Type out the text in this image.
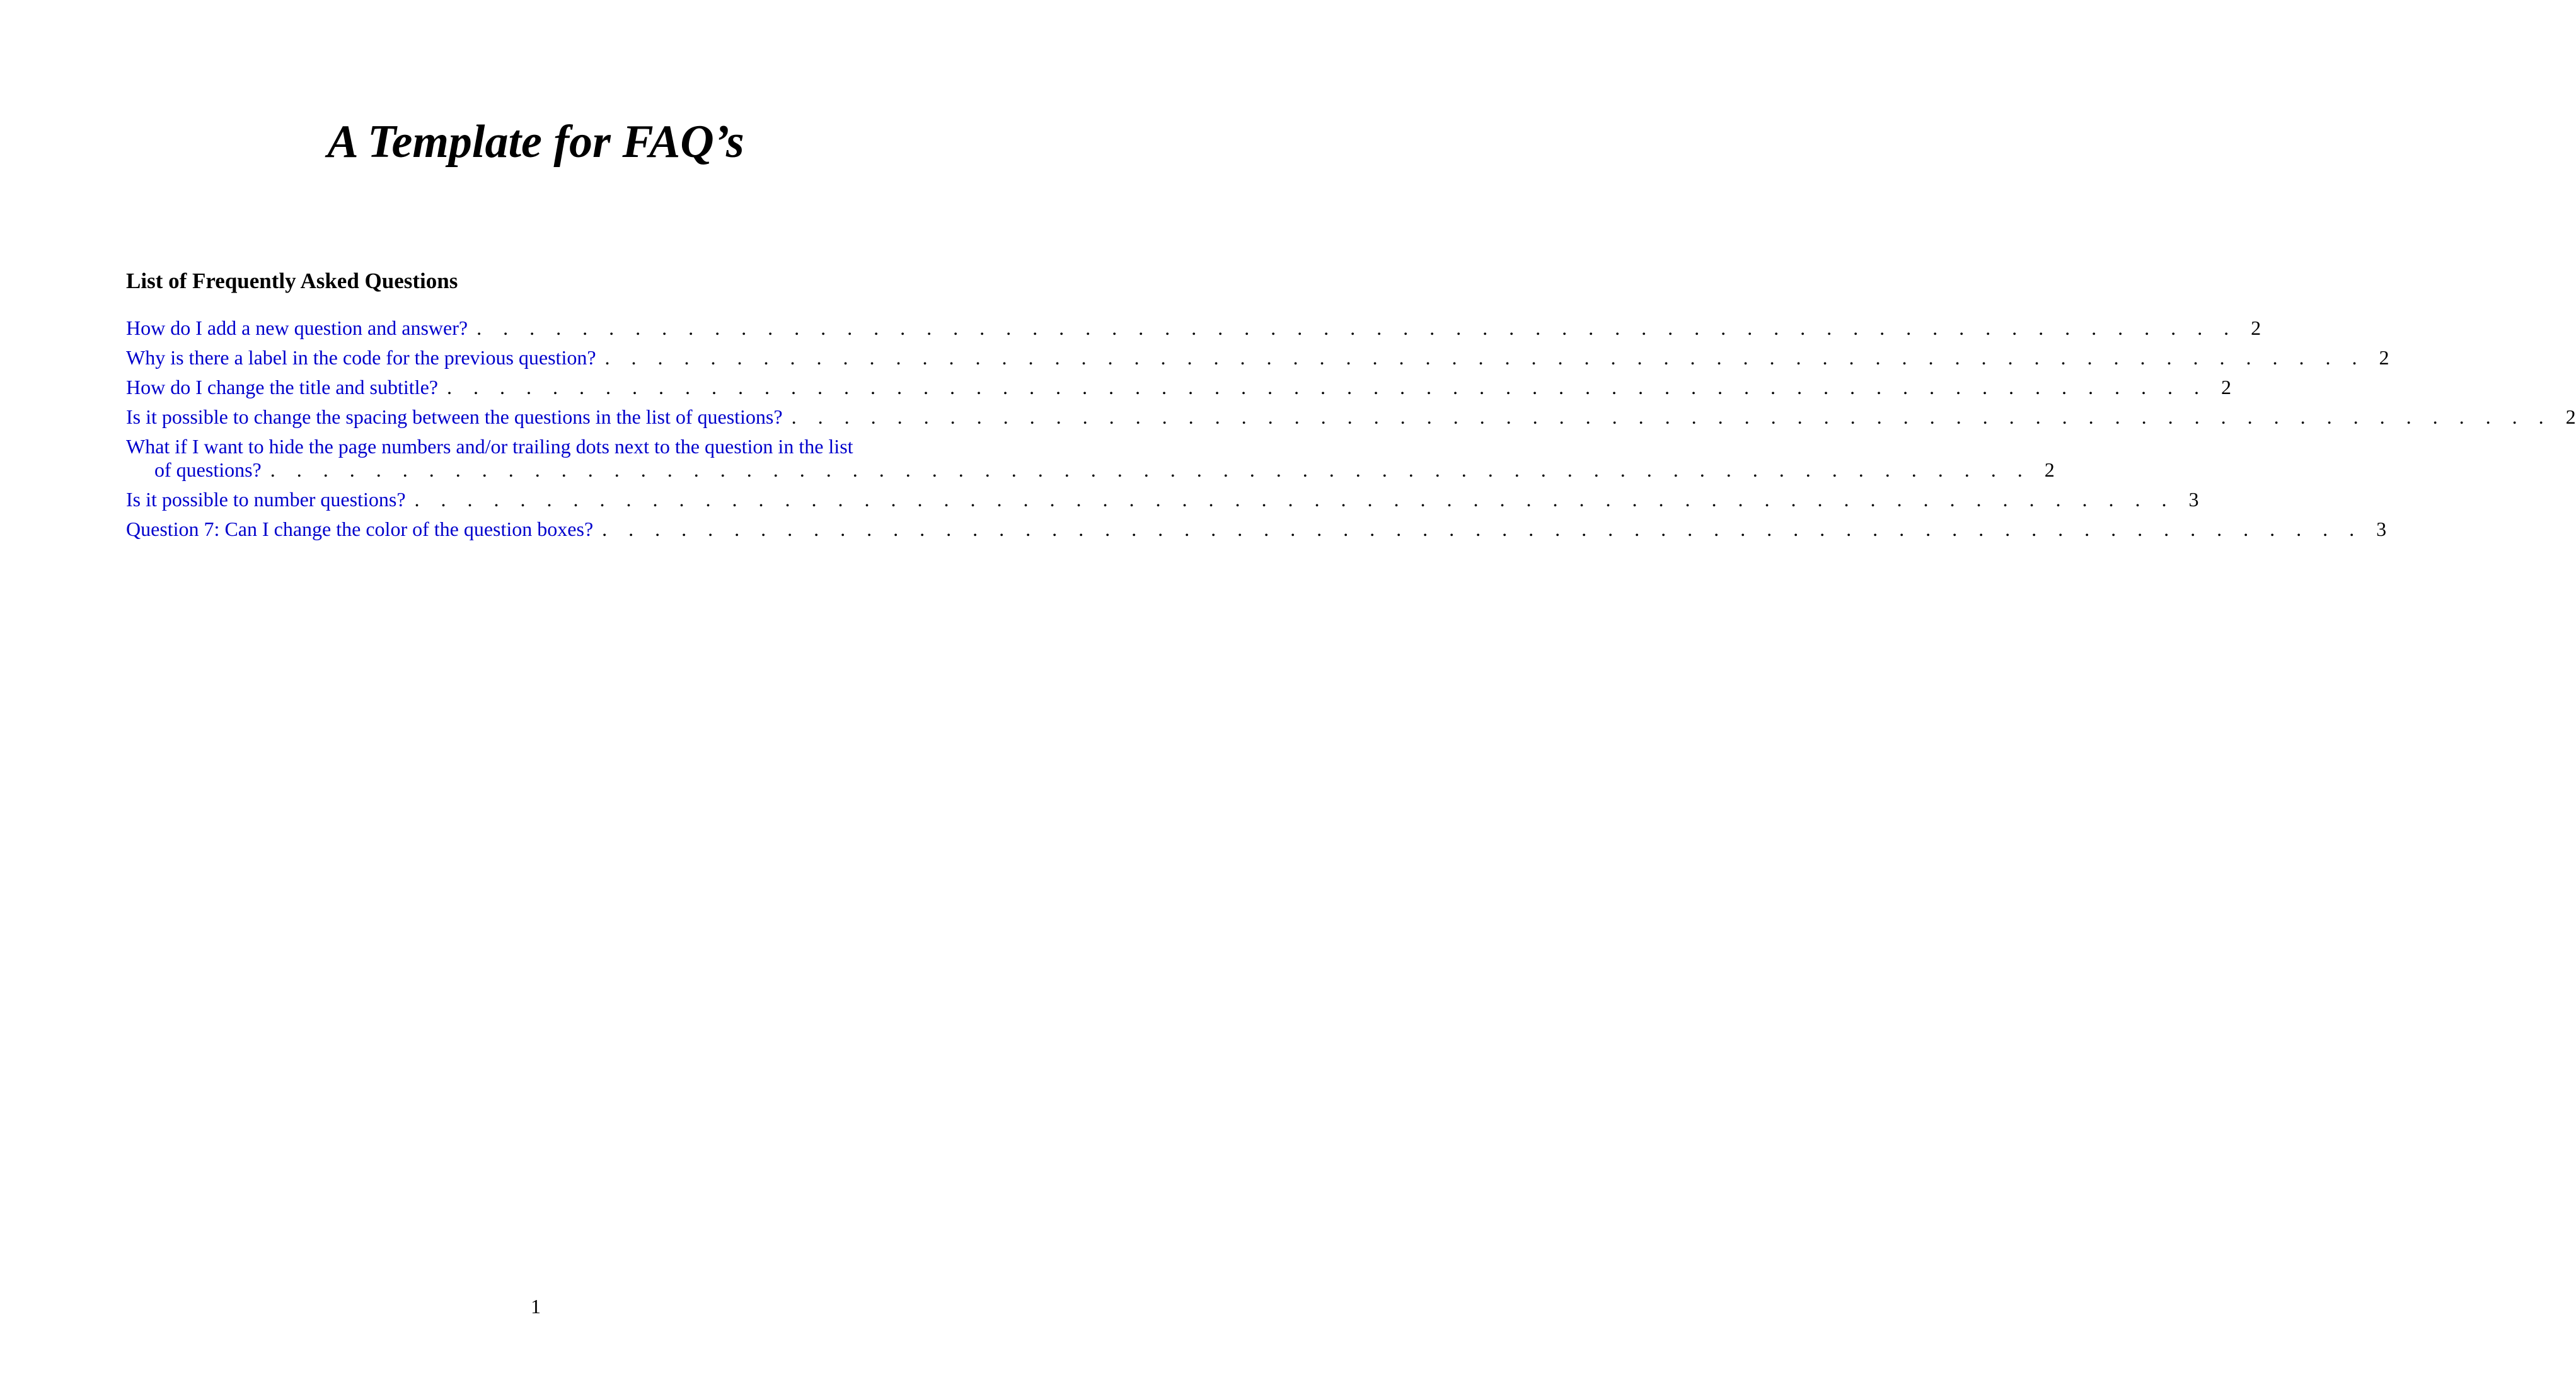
A Template for FAQ’s
List of Frequently Asked Questions
How do I add a new question and answer? . . . . . . . . . . . . . . . . . . . . . . . . . . . . . . . . . . . . . . . . . . . . . . . . . . . . . . . . . . . . . . . . . . . 2
Why is there a label in the code for the previous question? . . . . . . . . . . . . . . . . . . . . . . . . . . . . . . . . . . . . . . . . . . . . . . . . . . . . . . . . . . . . . . . . . . . 2
How do I change the title and subtitle? . . . . . . . . . . . . . . . . . . . . . . . . . . . . . . . . . . . . . . . . . . . . . . . . . . . . . . . . . . . . . . . . . . . 2
Is it possible to change the spacing between the questions in the list of questions? . . . . . . . . . . . . . . . . . . . . . . . . . . . . . . . . . . . . . . . . . . . . . . . . . . . . . . . . . . . . . . . . . . . 2
What if I want to hide the page numbers and/or trailing dots next to the question in the list
of questions? . . . . . . . . . . . . . . . . . . . . . . . . . . . . . . . . . . . . . . . . . . . . . . . . . . . . . . . . . . . . . . . . . . . 2
Is it possible to number questions? . . . . . . . . . . . . . . . . . . . . . . . . . . . . . . . . . . . . . . . . . . . . . . . . . . . . . . . . . . . . . . . . . . . 3
Question 7: Can I change the color of the question boxes? . . . . . . . . . . . . . . . . . . . . . . . . . . . . . . . . . . . . . . . . . . . . . . . . . . . . . . . . . . . . . . . . . . . 3
1
